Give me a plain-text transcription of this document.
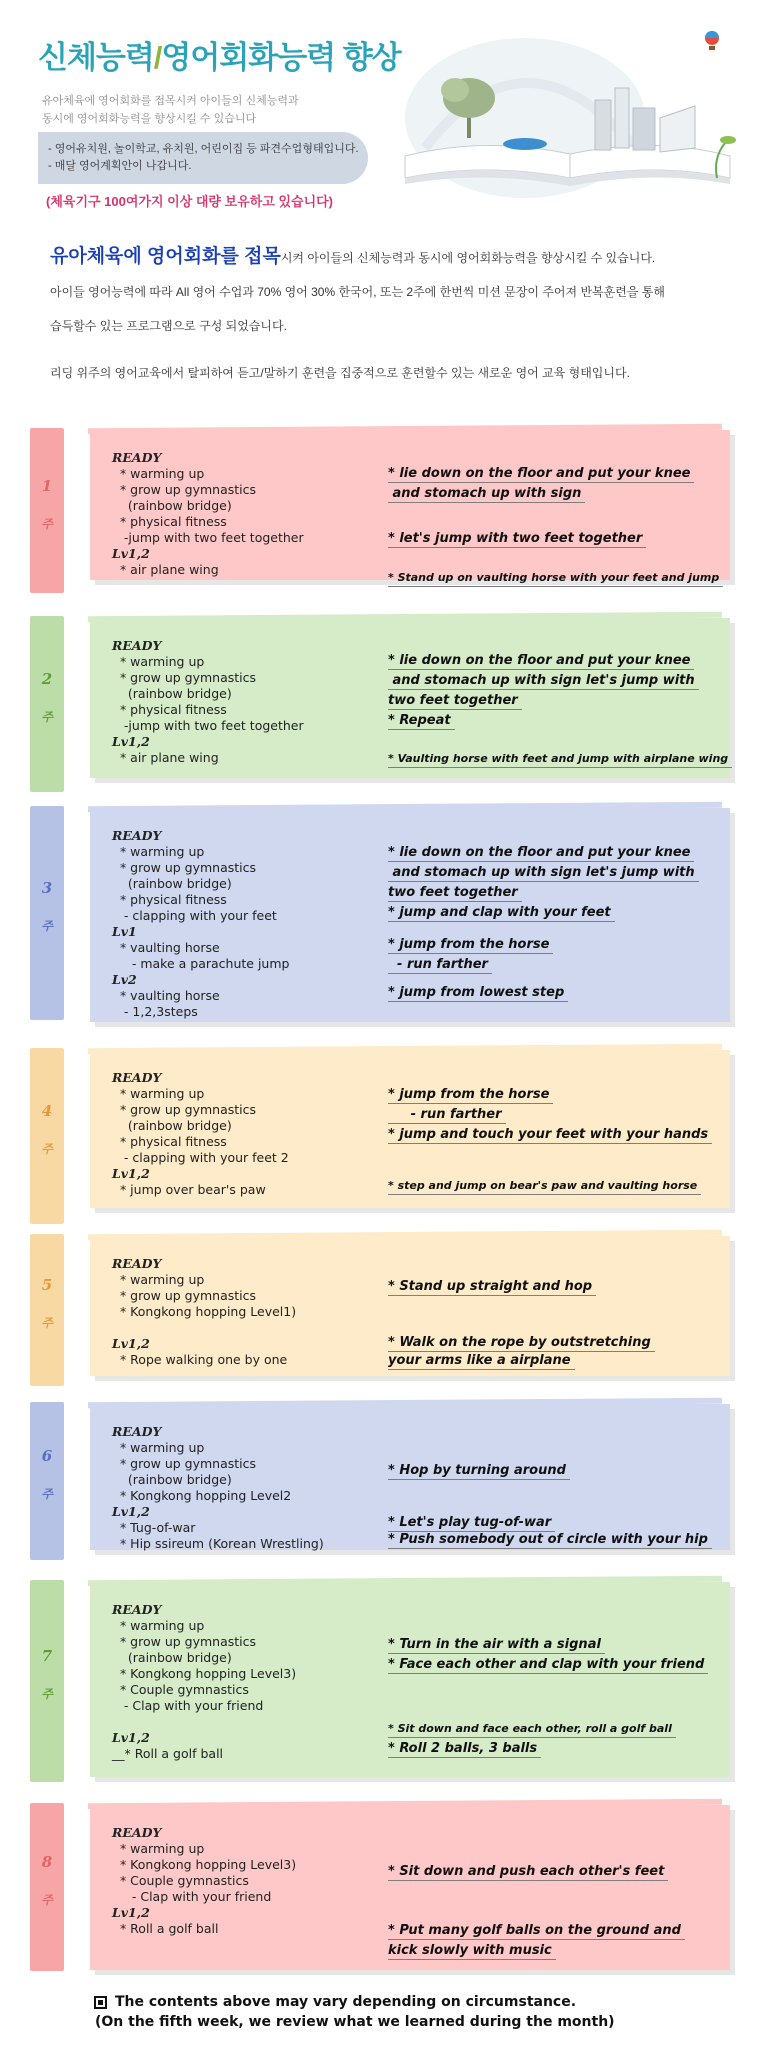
신체능력/영어회화능력 향상
유아체육에 영어회화를 접목시켜 아이들의 신체능력과
동시에 영어회화능력을 향상시킬 수 있습니다
- 영어유치원, 놀이학교, 유치원, 어린이집 등 파견수업형태입니다.
- 매달 영어계획안이 나갑니다.
(체육기구 100여가지 이상 대량 보유하고 있습니다)

유아체육에 영어회화를 접목시켜 아이들의 신체능력과 동시에 영어회화능력을 향상시킬 수 있습니다.

아이들 영어능력에 따라 All 영어 수업과 70% 영어 30% 한국어, 또는 2주에 한번씩 미션 문장이 주어져 반복훈련을 통해

습득할수 있는 프로그램으로 구성 되었습니다.

리딩 위주의 영어교육에서 탈피하여 듣고/말하기 훈련을 집중적으로 훈련할수 있는 새로운 영어 교육 형태입니다.
1
주
READY
* warming up
* grow up gymnastics
(rainbow bridge)
* physical fitness
-jump with two feet together
Lv1,2
* air plane wing
* lie down on the floor and put your knee
and stomach up with sign
* let's jump with two feet together
* Stand up on vaulting horse with your feet and jump
2
주
READY
* warming up
* grow up gymnastics
(rainbow bridge)
* physical fitness
-jump with two feet together
Lv1,2
* air plane wing
* lie down on the floor and put your knee
and stomach up with sign let's jump with
two feet together
* Repeat
* Vaulting horse with feet and jump with airplane wing
3
주
READY
* warming up
* grow up gymnastics
(rainbow bridge)
* physical fitness
- clapping with your feet
Lv1
* vaulting horse
- make a parachute jump
Lv2
* vaulting horse
- 1,2,3steps
* lie down on the floor and put your knee
and stomach up with sign let's jump with
two feet together
* jump and clap with your feet
* jump from the horse
- run farther
* jump from lowest step
4
주
READY
* warming up
* grow up gymnastics
(rainbow bridge)
* physical fitness
- clapping with your feet 2
Lv1,2
* jump over bear's paw
* jump from the horse
- run farther
* jump and touch your feet with your hands
* step and jump on bear's paw and vaulting horse
5
주
READY
* warming up
* grow up gymnastics
* Kongkong hopping Level1)
Lv1,2
* Rope walking one by one
* Stand up straight and hop
* Walk on the rope by outstretching
your arms like a airplane
6
주
READY
* warming up
* grow up gymnastics
(rainbow bridge)
* Kongkong hopping Level2
Lv1,2
* Tug-of-war
* Hip ssireum (Korean Wrestling)
* Hop by turning around
* Let's play tug-of-war
* Push somebody out of circle with your hip
7
주
READY
* warming up
* grow up gymnastics
(rainbow bridge)
* Kongkong hopping Level3)
* Couple gymnastics
- Clap with your friend
Lv1,2
__* Roll a golf ball
* Turn in the air with a signal
* Face each other and clap with your friend
* Sit down and face each other, roll a golf ball
* Roll 2 balls, 3 balls
8
주
READY
* warming up
* Kongkong hopping Level3)
* Couple gymnastics
- Clap with your friend
Lv1,2
* Roll a golf ball
* Sit down and push each other's feet
* Put many golf balls on the ground and
kick slowly with music
The contents above may vary depending on circumstance.
(On the fifth week, we review what we learned during the month)
